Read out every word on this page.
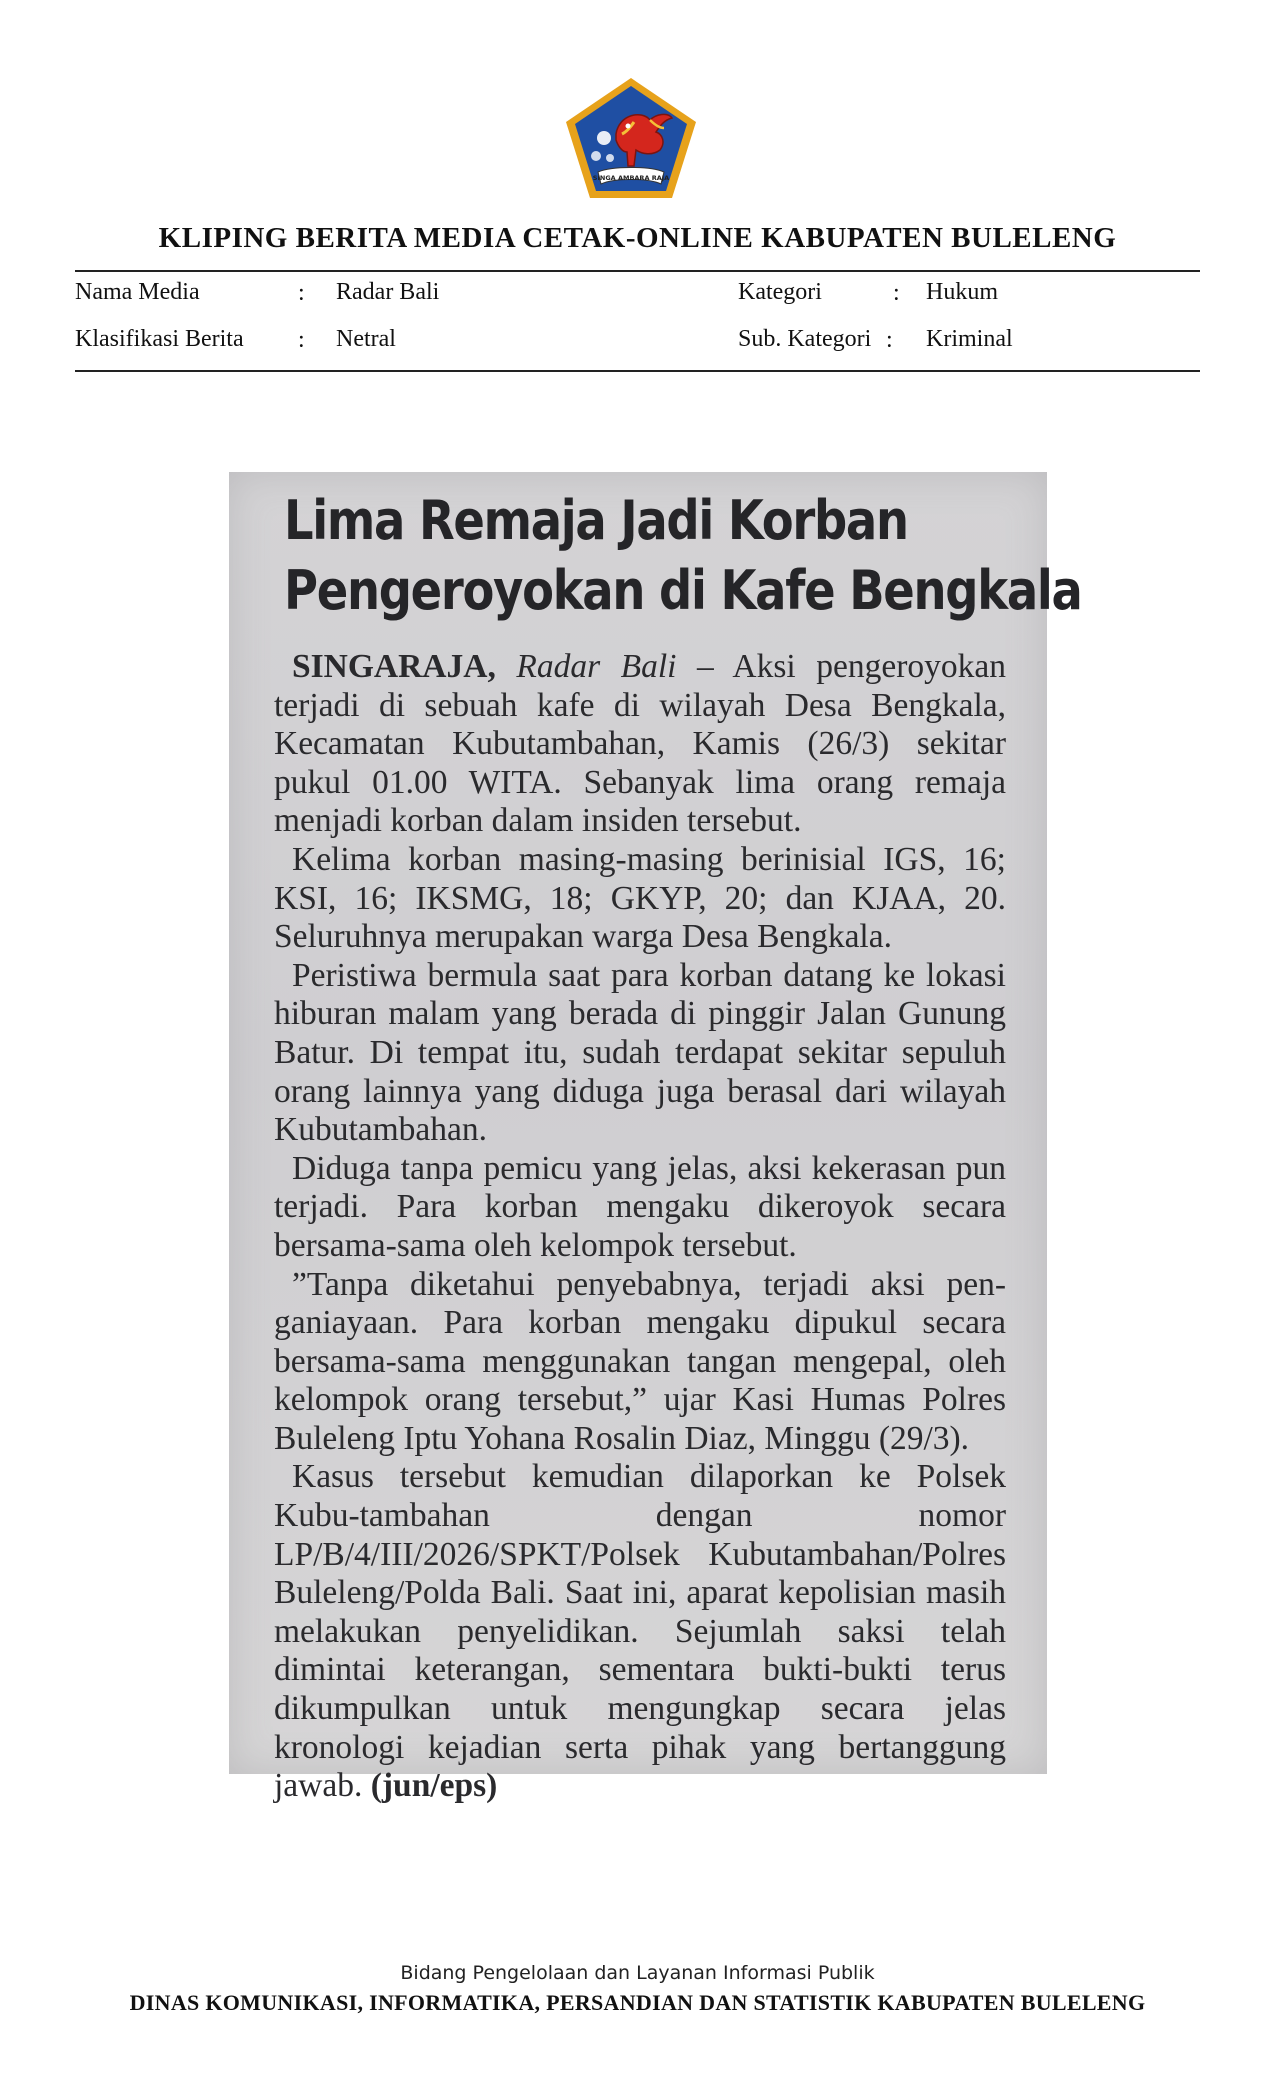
SINGA AMBARA RAJA
KLIPING BERITA MEDIA CETAK-ONLINE KABUPATEN BULELENG
Nama Media	: Radar Bali	Kategori	: Hukum
Klasifikasi Berita : Netral	Sub. Kategori : Kriminal
Lima Remaja Jadi Korban
Pengeroyokan di Kafe Bengkala

SINGARAJA, Radar Bali – Aksi pengeroyokan terjadi di sebuah kafe di wilayah Desa Bengkala, Kecamatan Kubutambahan, Kamis (26/3) sekitar pukul 01.00 WITA. Sebanyak lima orang remaja menjadi korban dalam insiden tersebut.

Kelima korban masing-masing berinisial IGS, 16; KSI, 16; IKSMG, 18; GKYP, 20; dan KJAA, 20. Seluruhnya merupakan warga Desa Bengkala.

Peristiwa bermula saat para korban datang ke lokasi hiburan malam yang berada di pinggir Jalan Gunung Batur. Di tempat itu, sudah terdapat sekitar sepuluh orang lainnya yang diduga juga berasal dari wilayah Kubutambahan.

Diduga tanpa pemicu yang jelas, aksi kekerasan pun terjadi. Para korban mengaku dikeroyok secara bersama-sama oleh kelompok tersebut.

”Tanpa diketahui penyebabnya, terjadi aksi pen-ganiayaan. Para korban mengaku dipukul secara bersama-sama menggunakan tangan mengepal, oleh kelompok orang tersebut,” ujar Kasi Humas Polres Buleleng Iptu Yohana Rosalin Diaz, Minggu (29/3).

Kasus tersebut kemudian dilaporkan ke Polsek Kubu-tambahan dengan nomor LP/B/4/III/2026/SPKT/Polsek Kubutambahan/Polres Buleleng/Polda Bali. Saat ini, aparat kepolisian masih melakukan penyelidikan. Sejumlah saksi telah dimintai keterangan, sementara bukti-bukti terus dikumpulkan untuk mengungkap secara jelas kronologi kejadian serta pihak yang bertanggung jawab. (jun/eps)

Bidang Pengelolaan dan Layanan Informasi Publik
DINAS KOMUNIKASI, INFORMATIKA, PERSANDIAN DAN STATISTIK KABUPATEN BULELENG
